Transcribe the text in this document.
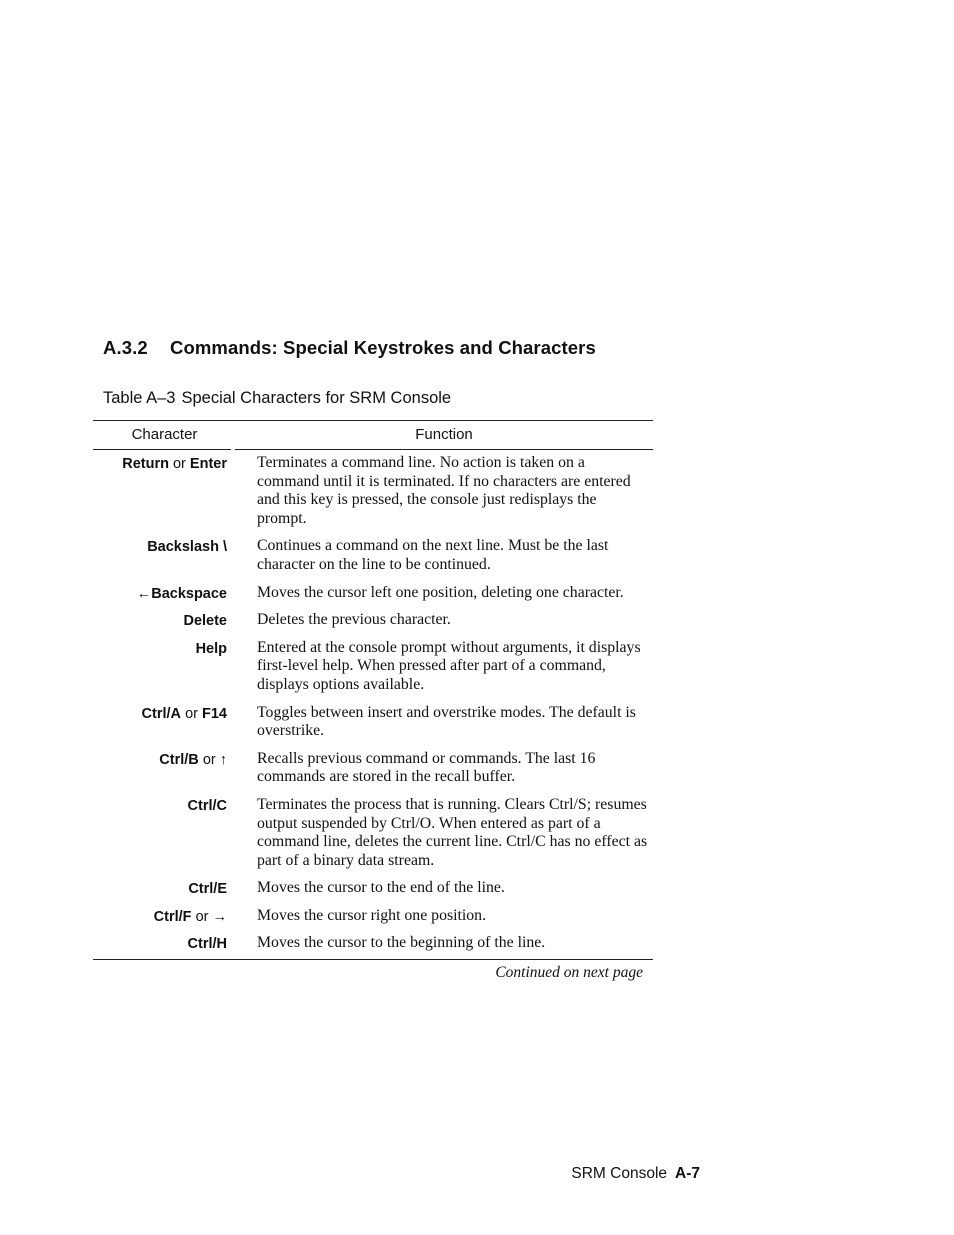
A.3.2 Commands: Special Keystrokes and Characters
Table A–3 Special Characters for SRM Console
Character	Function
Return or Enter Terminates a command line. No action is taken on a command until it is terminated. If no characters are entered and this key is pressed, the console just redisplays the prompt.
Backslash \ Continues a command on the next line. Must be the last character on the line to be continued.
←Backspace Moves the cursor left one position, deleting one character.
Delete Deletes the previous character.
Help Entered at the console prompt without arguments, it displays first-level help. When pressed after part of a command, displays options available.
Ctrl/A or F14 Toggles between insert and overstrike modes. The default is overstrike.
Ctrl/B or ↑ Recalls previous command or commands. The last 16 commands are stored in the recall buffer.
Ctrl/C Terminates the process that is running. Clears Ctrl/S; resumes output suspended by Ctrl/O. When entered as part of a command line, deletes the current line. Ctrl/C has no effect as part of a binary data stream.
Ctrl/E Moves the cursor to the end of the line.
Ctrl/F or → Moves the cursor right one position.
Ctrl/H Moves the cursor to the beginning of the line.
Continued on next page
SRM Console A-7
